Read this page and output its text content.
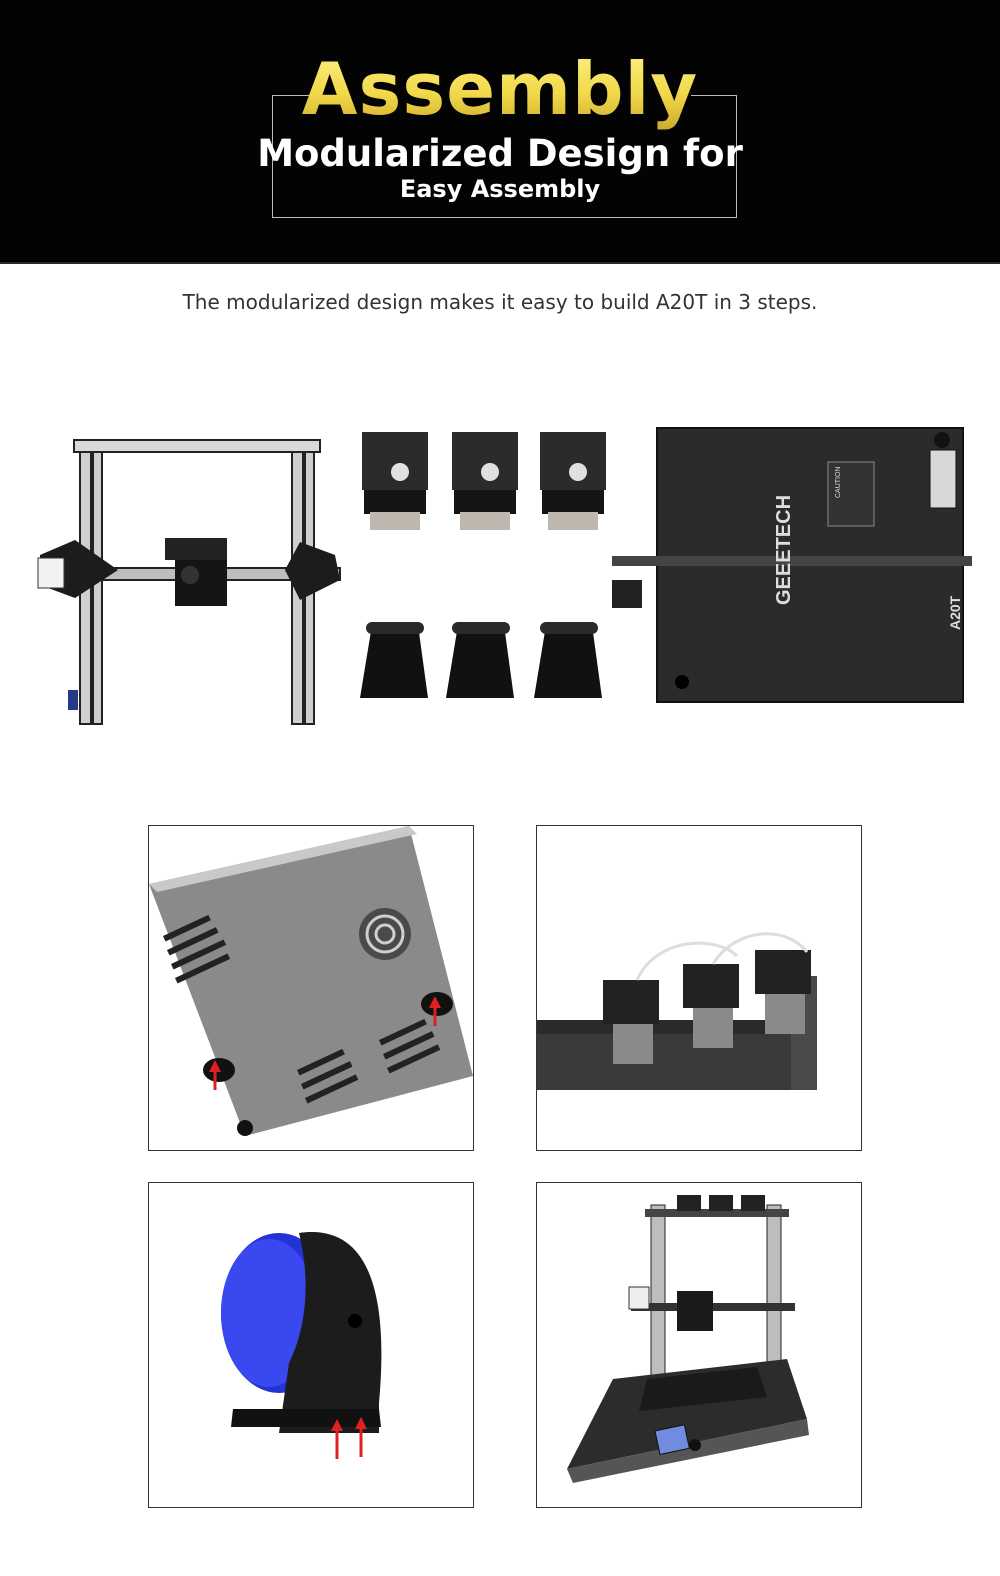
Assembly
Modularized Design for
Easy Assembly
The modularized design makes it easy to build A20T in 3 steps.
GEEETECH
A20T
CAUTION
